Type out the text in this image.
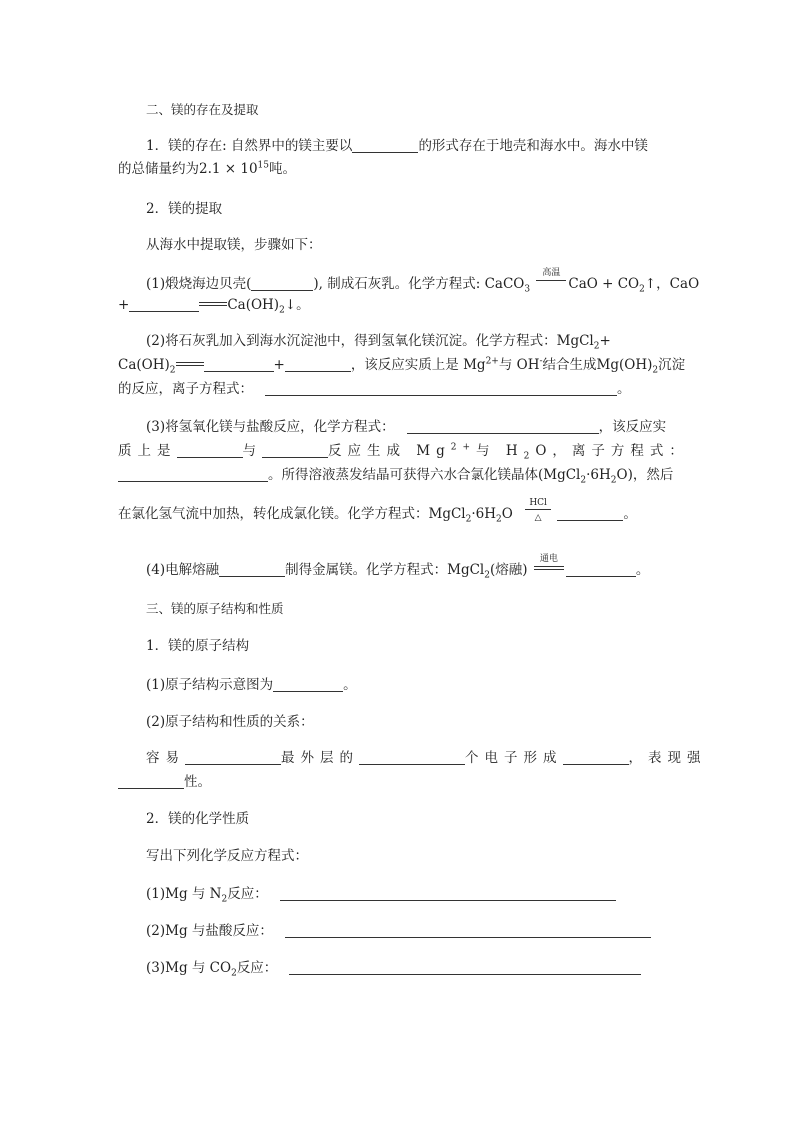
二、镁的存在及提取
1．镁的存在: 自然界中的镁主要以	的形式存在于地壳和海水中。海水中镁
的总储量约为$2.1 \times 10^{15}$吨。
2．镁的提取
从海水中提取镁，步骤如下：
(1)煅烧海边贝壳(	), 制成石灰乳。化学方程式: CaCO$_3$
高温
CaO + $CO_2↑$，CaO
+	$Ca(OH)_2↓$。
(2)将石灰乳加入到海水沉淀池中，得到氢氧化镁沉淀。化学方程式：MgCl$_2$+
$Ca(OH)_2$	+	，该反应实质上是 $Mg^{2+}$与 OH-结合生成$Mg(OH)_2$沉淀
的反应，离子方程式：	。
(3)将氢氧化镁与盐酸反应，化学方程式：	，该反应实
质上是	与	反应生成 $Mg^{2+}$与 $H_2O$，离子方程式：
。所得溶液蒸发结晶可获得六水合氯化镁晶体$(MgCl_2\cdot 6H_2O)$，然后
在氯化氢气流中加热，转化成氯化镁。化学方程式：$MgCl_2\cdot 6H_2O$
HCl
△	。
(4)电解熔融	制得金属镁。化学方程式：MgCl$_2$(熔融)
通电
。
三、镁的原子结构和性质
1．镁的原子结构
(1)原子结构示意图为	。
(2)原子结构和性质的关系：
容易	最外层的	个电子形成	，表现强
性。
2．镁的化学性质
写出下列化学反应方程式：
(1)Mg 与 $N_2$反应：
(2)Mg 与盐酸反应：
(3)Mg 与 $CO_2$反应：
